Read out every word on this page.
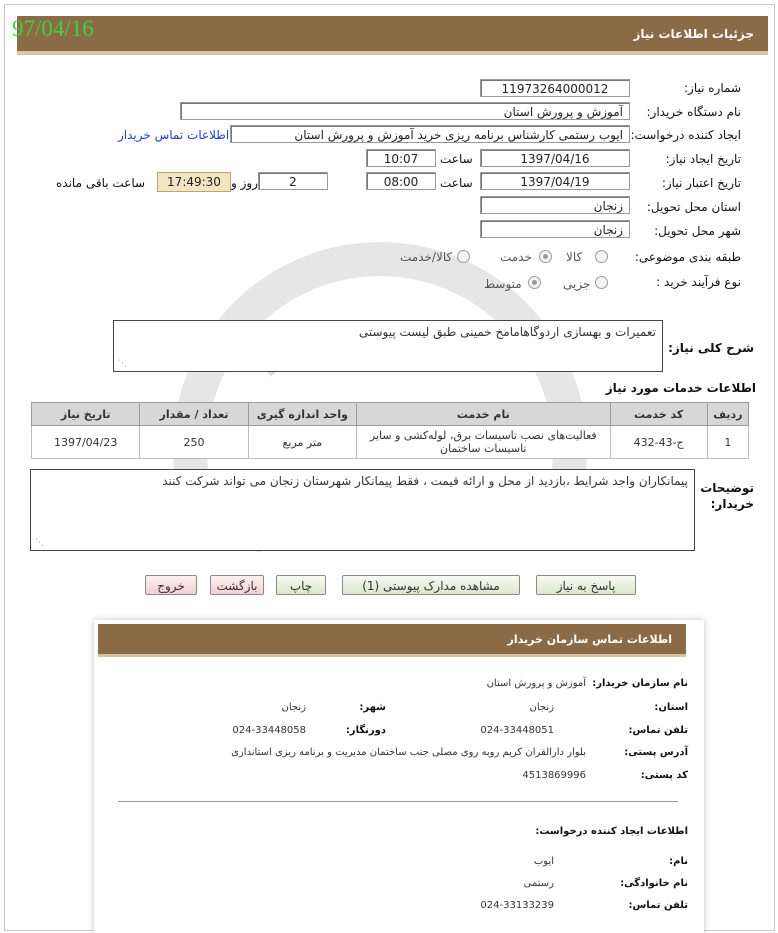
جزئیات اطلاعات نیاز
97/04/16
شماره نیاز:
1197326400001​2
نام دستگاه خریدار:
آموزش و پرورش استان
ایجاد کننده درخواست:
ایوب رستمی کارشناس برنامه ریزی خرید آموزش و پرورش استان
اطلاعات تماس خریدار
تاریخ ایجاد نیاز:
1397/04/16
ساعت
10:07
تاریخ اعتبار نیاز:
1397/04/19
ساعت
08:00
2
روز و
17:49:30
ساعت باقی مانده
استان محل تحویل:
زنجان
شهر محل تحویل:
زنجان
طبقه بندی موضوعی:
کالا
خدمت
کالا/خدمت
نوع فرآیند خرید :
جزیی
متوسط
شرح کلی نیاز:
تعمیرات و بهسازی اردوگاهامامخ خمینی طبق لیست پیوستی
⋰
اطلاعات خدمات مورد نیاز
ردیف	کد خدمت	نام خدمت	واحد اندازه گیری	تعداد / مقدار	تاریخ نیاز
1	ج-43-432	فعالیت‌های نصب تاسیسات برق، لوله‌کشی و سایر تاسیسات ساختمان	متر مربع	250	1397/04/23
توضیحات خریدار:
پیمانکاران واجد شرایط ،بازدید از محل و ارائه قیمت ، فقط پیمانکار شهرستان زنجان می تواند شرکت کنند
⋰
پاسخ به نیاز
مشاهده مدارک پیوستی (1)
چاپ
بازگشت
خروج
اطلاعات تماس سازمان خریدار
نام سازمان خریدار:
آموزش و پرورش استان
استان:
زنجان
شهر:
زنجان
تلفن تماس:
024-33448051
دورنگار:
024-33448058
آدرس پستی:
بلوار دارالقران کریم روبه روی مصلی جنب ساختمان مدیریت و برنامه ریزی استانداری
کد پستی:
4513869996
اطلاعات ایجاد کننده درخواست:
نام:
ایوب
نام خانوادگی:
رستمی
تلفن تماس:
024-33133239
